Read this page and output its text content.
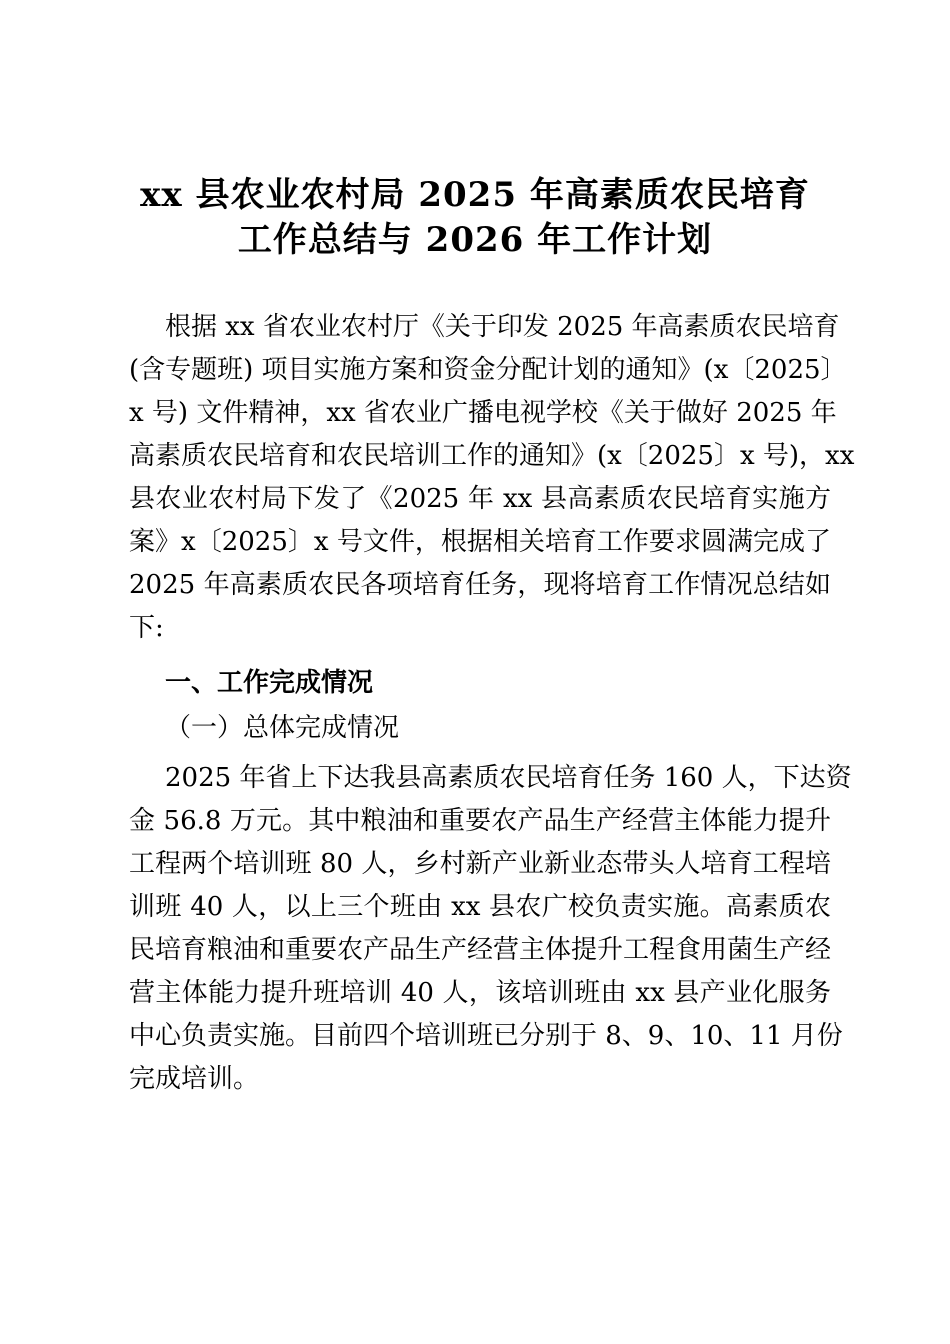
xx 县农业农村局 2025 年高素质农民培育
工作总结与 2026 年工作计划
根据 xx 省农业农村厅《关于印发 2025 年高素质农民培育
(含专题班) 项目实施方案和资金分配计划的通知》(x〔2025〕
x 号) 文件精神，xx 省农业广播电视学校《关于做好 2025 年
高素质农民培育和农民培训工作的通知》(x〔2025〕x 号)，xx
县农业农村局下发了《2025 年 xx 县高素质农民培育实施方
案》x〔2025〕x 号文件，根据相关培育工作要求圆满完成了
2025 年高素质农民各项培育任务，现将培育工作情况总结如
下:
一、工作完成情况
（一）总体完成情况
2025 年省上下达我县高素质农民培育任务 160 人，下达资
金 56.8 万元。其中粮油和重要农产品生产经营主体能力提升
工程两个培训班 80 人，乡村新产业新业态带头人培育工程培
训班 40 人，以上三个班由 xx 县农广校负责实施。高素质农
民培育粮油和重要农产品生产经营主体提升工程食用菌生产经
营主体能力提升班培训 40 人，该培训班由 xx 县产业化服务
中心负责实施。目前四个培训班已分别于 8、9、10、11 月份
完成培训。
